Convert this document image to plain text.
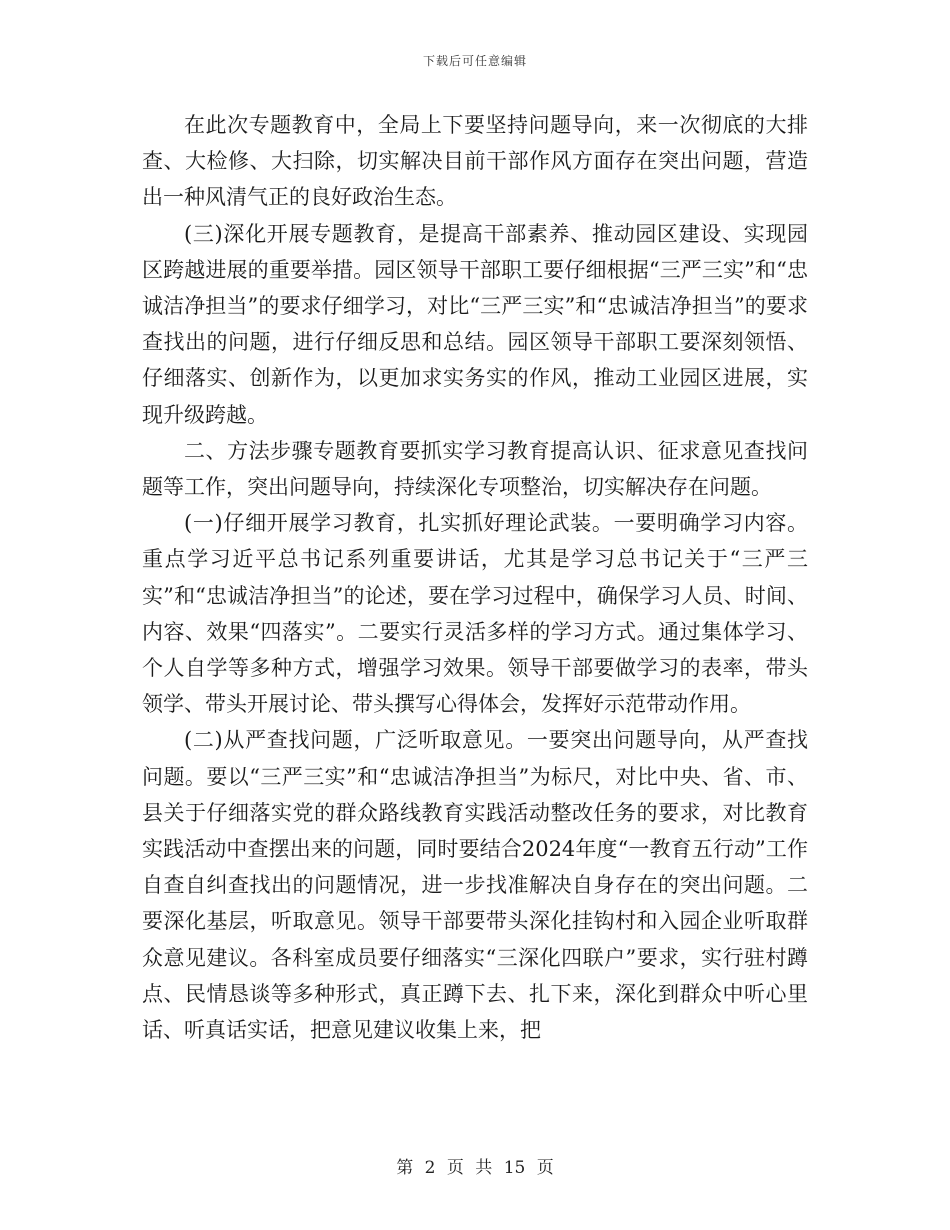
下载后可任意编辑

在此次专题教育中，全局上下要坚持问题导向，来一次彻底的大排查、大检修、大扫除，切实解决目前干部作风方面存在突出问题，营造出一种风清气正的良好政治生态。

(三)深化开展专题教育，是提高干部素养、推动园区建设、实现园区跨越进展的重要举措。园区领导干部职工要仔细根据“三严三实”和“忠诚洁净担当”的要求仔细学习，对比“三严三实”和“忠诚洁净担当”的要求查找出的问题，进行仔细反思和总结。园区领导干部职工要深刻领悟、仔细落实、创新作为，以更加求实务实的作风，推动工业园区进展，实现升级跨越。

二、方法步骤专题教育要抓实学习教育提高认识、征求意见查找问题等工作，突出问题导向，持续深化专项整治，切实解决存在问题。

(一)仔细开展学习教育，扎实抓好理论武装。一要明确学习内容。重点学习近平总书记系列重要讲话，尤其是学习总书记关于“三严三实”和“忠诚洁净担当”的论述，要在学习过程中，确保学习人员、时间、内容、效果“四落实”。二要实行灵活多样的学习方式。通过集体学习、个人自学等多种方式，增强学习效果。领导干部要做学习的表率，带头领学、带头开展讨论、带头撰写心得体会，发挥好示范带动作用。

(二)从严查找问题，广泛听取意见。一要突出问题导向，从严查找问题。要以“三严三实”和“忠诚洁净担当”为标尺，对比中央、省、市、县关于仔细落实党的群众路线教育实践活动整改任务的要求，对比教育实践活动中查摆出来的问题，同时要结合2024年度“一教育五行动”工作自查自纠查找出的问题情况，进一步找准解决自身存在的突出问题。二要深化基层，听取意见。领导干部要带头深化挂钩村和入园企业听取群众意见建议。各科室成员要仔细落实“三深化四联户”要求，实行驻村蹲点、民情恳谈等多种形式，真正蹲下去、扎下来，深化到群众中听心里话、听真话实话，把意见建议收集上来，把

第 2 页 共 15 页
